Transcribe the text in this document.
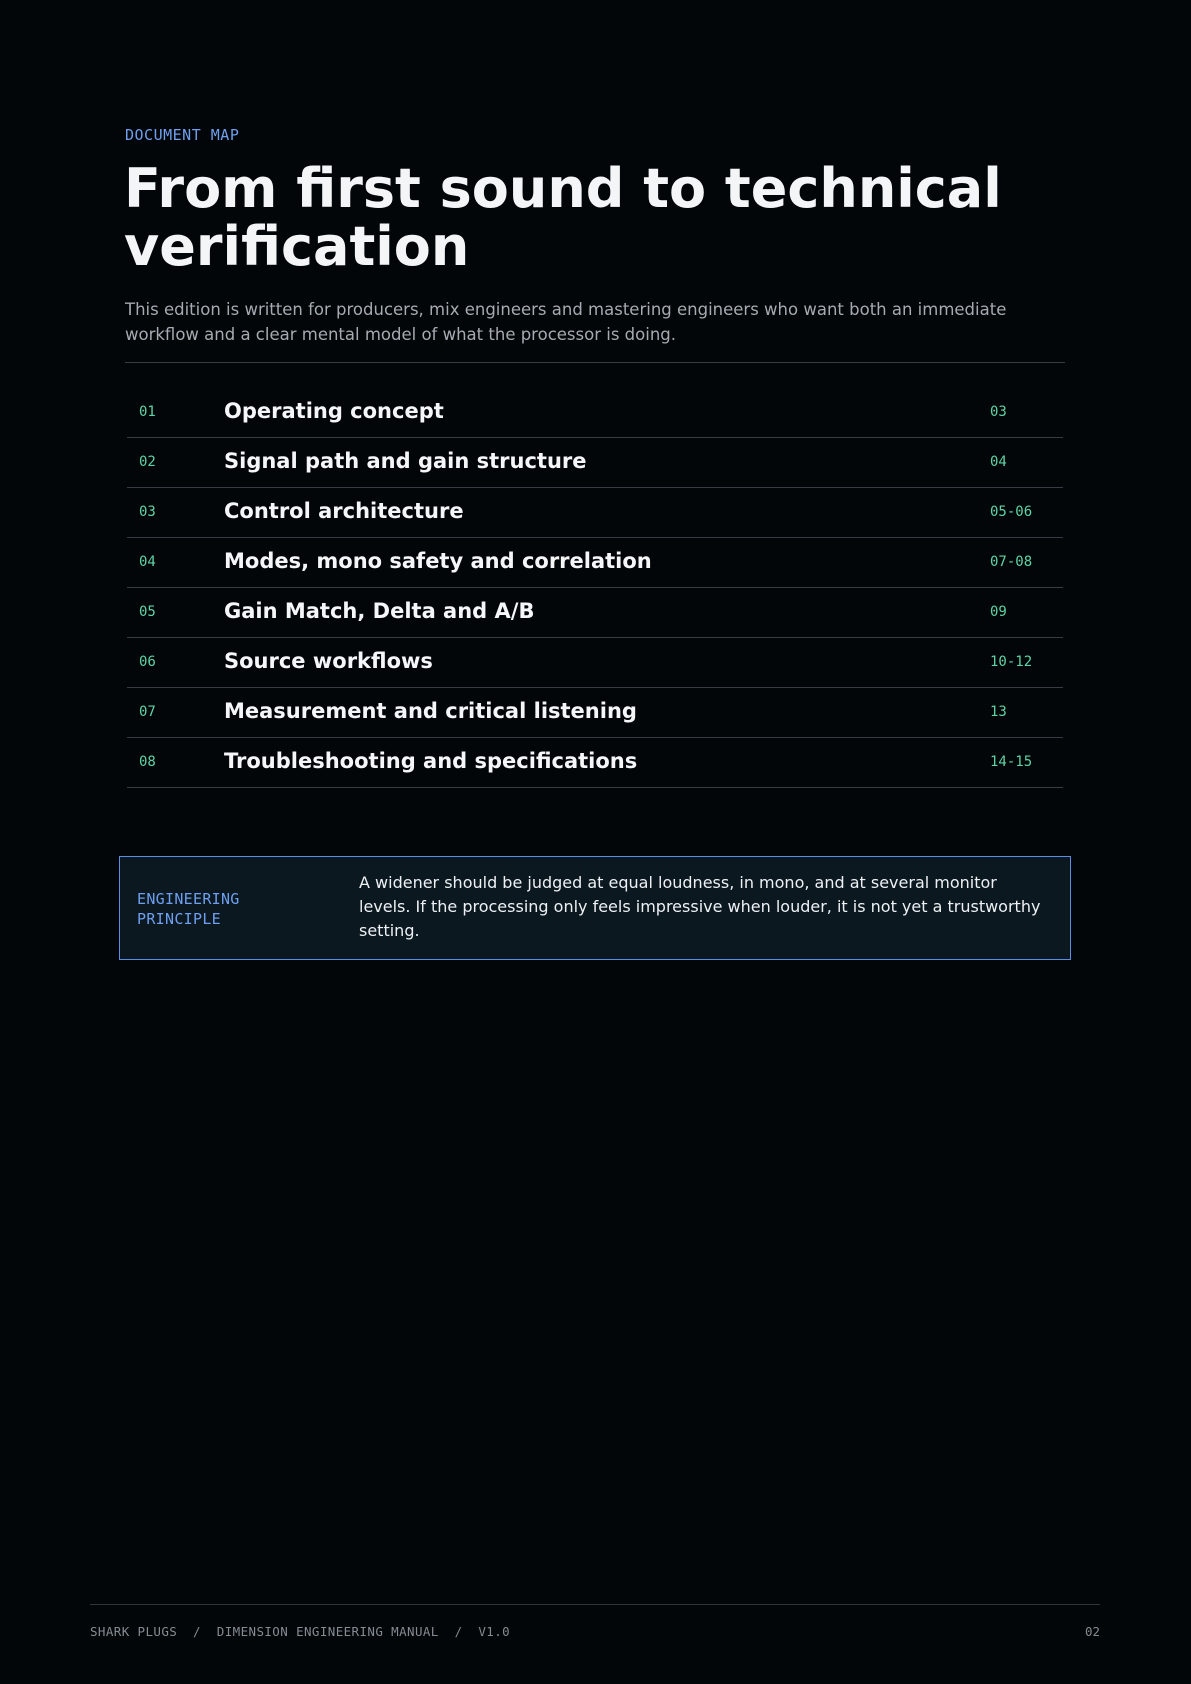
DOCUMENT MAP
From first sound to technical verification

This edition is written for producers, mix engineers and mastering engineers who want both an immediate workflow and a clear mental model of what the processor is doing.

01	Operating concept	03
02	Signal path and gain structure	04
03	Control architecture	05-06
04	Modes, mono safety and correlation	07-08
05	Gain Match, Delta and A/B	09
06	Source workflows	10-12
07	Measurement and critical listening	13
08	Troubleshooting and specifications	14-15
ENGINEERING PRINCIPLE

A widener should be judged at equal loudness, in mono, and at several monitor levels. If the processing only feels impressive when louder, it is not yet a trustworthy setting.

SHARK PLUGS  /  DIMENSION ENGINEERING MANUAL  /  V1.0	02
